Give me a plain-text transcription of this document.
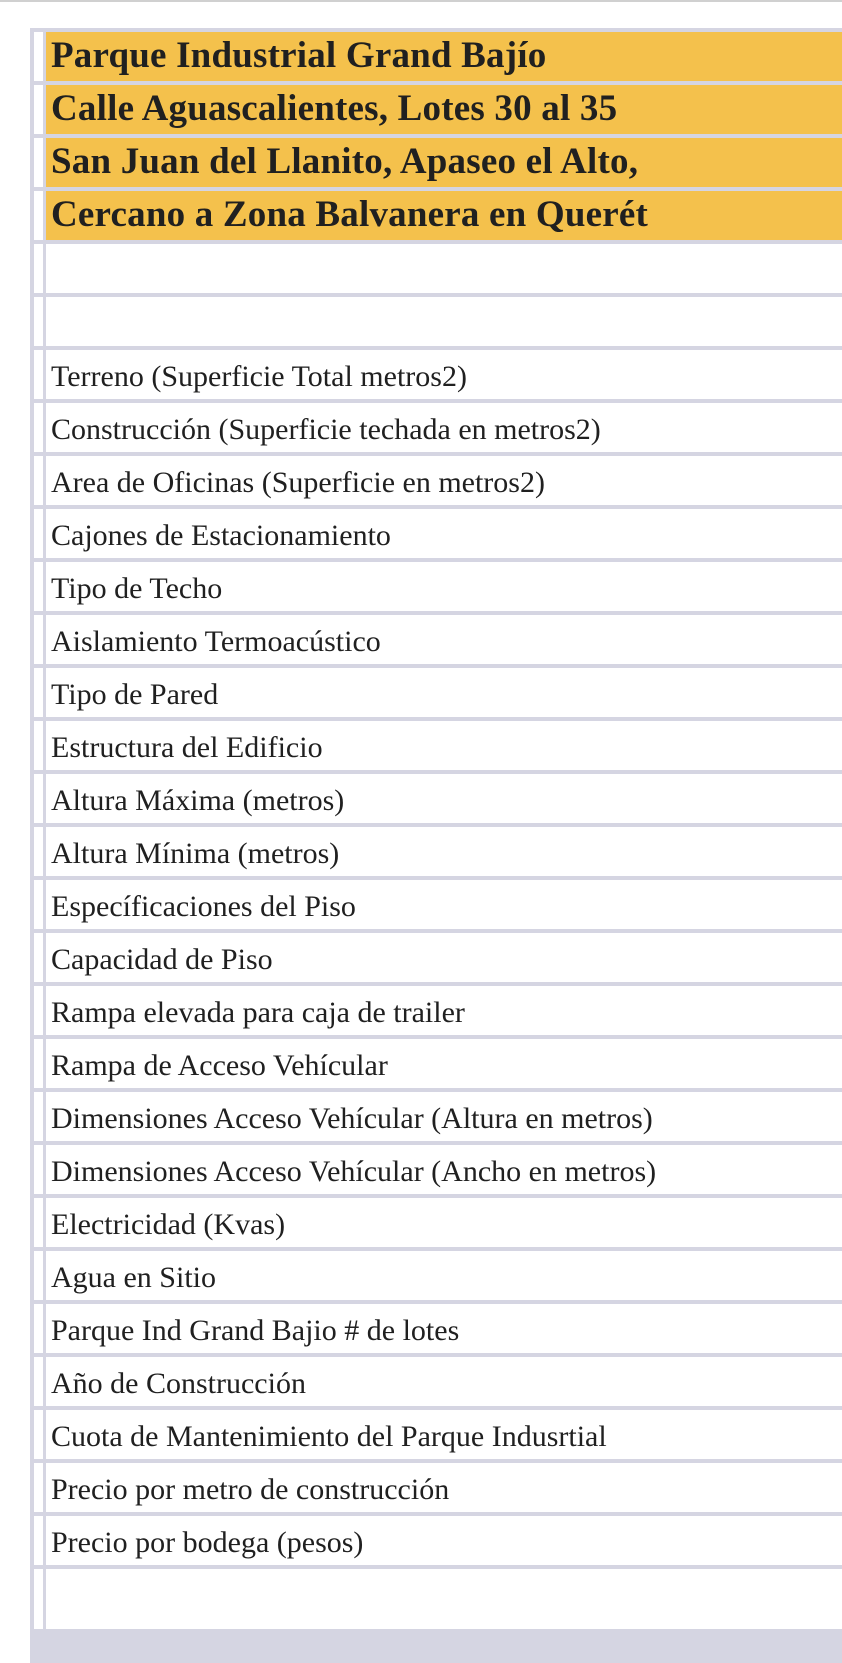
Parque Industrial Grand Bajío
Calle Aguascalientes, Lotes 30 al 35
San Juan del Llanito, Apaseo el Alto,
Cercano a Zona Balvanera en Querét
Terreno (Superficie Total metros2)
Construcción (Superficie techada en metros2)
Area de Oficinas (Superficie en metros2)
Cajones de Estacionamiento
Tipo de Techo
Aislamiento Termoacústico
Tipo de Pared
Estructura del Edificio
Altura Máxima (metros)
Altura Mínima (metros)
Específicaciones del Piso
Capacidad de Piso
Rampa elevada para caja de trailer
Rampa de Acceso Vehícular
Dimensiones Acceso Vehícular (Altura en metros)
Dimensiones Acceso Vehícular (Ancho en metros)
Electricidad (Kvas)
Agua en Sitio
Parque Ind Grand Bajio # de lotes
Año de Construcción
Cuota de Mantenimiento del Parque Indusrtial
Precio por metro de construcción
Precio por bodega (pesos)
